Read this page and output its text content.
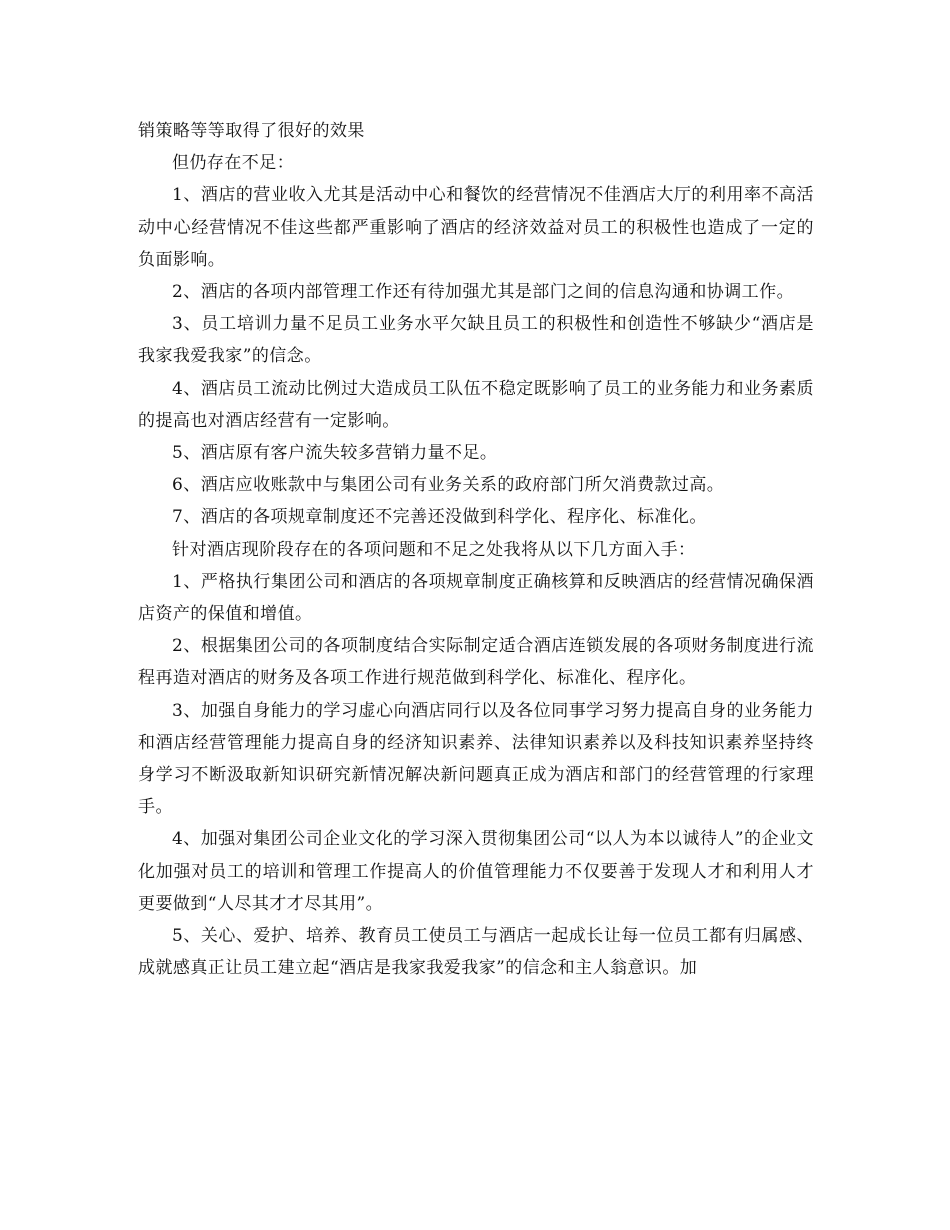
销策略等等取得了很好的效果

但仍存在不足：

1、酒店的营业收入尤其是活动中心和餐饮的经营情况不佳酒店大厅的利用率不高活动中心经营情况不佳这些都严重影响了酒店的经济效益对员工的积极性也造成了一定的负面影响。

2、酒店的各项内部管理工作还有待加强尤其是部门之间的信息沟通和协调工作。

3、员工培训力量不足员工业务水平欠缺且员工的积极性和创造性不够缺少“酒店是我家我爱我家”的信念。

4、酒店员工流动比例过大造成员工队伍不稳定既影响了员工的业务能力和业务素质的提高也对酒店经营有一定影响。

5、酒店原有客户流失较多营销力量不足。

6、酒店应收账款中与集团公司有业务关系的政府部门所欠消费款过高。

7、酒店的各项规章制度还不完善还没做到科学化、程序化、标准化。

针对酒店现阶段存在的各项问题和不足之处我将从以下几方面入手：

1、严格执行集团公司和酒店的各项规章制度正确核算和反映酒店的经营情况确保酒店资产的保值和增值。

2、根据集团公司的各项制度结合实际制定适合酒店连锁发展的各项财务制度进行流程再造对酒店的财务及各项工作进行规范做到科学化、标准化、程序化。

3、加强自身能力的学习虚心向酒店同行以及各位同事学习努力提高自身的业务能力和酒店经营管理能力提高自身的经济知识素养、法律知识素养以及科技知识素养坚持终身学习不断汲取新知识研究新情况解决新问题真正成为酒店和部门的经营管理的行家理手。

4、加强对集团公司企业文化的学习深入贯彻集团公司“以人为本以诚待人”的企业文化加强对员工的培训和管理工作提高人的价值管理能力不仅要善于发现人才和利用人才更要做到“人尽其才才尽其用”。

5、关心、爱护、培养、教育员工使员工与酒店一起成长让每一位员工都有归属感、成就感真正让员工建立起“酒店是我家我爱我家”的信念和主人翁意识。加
